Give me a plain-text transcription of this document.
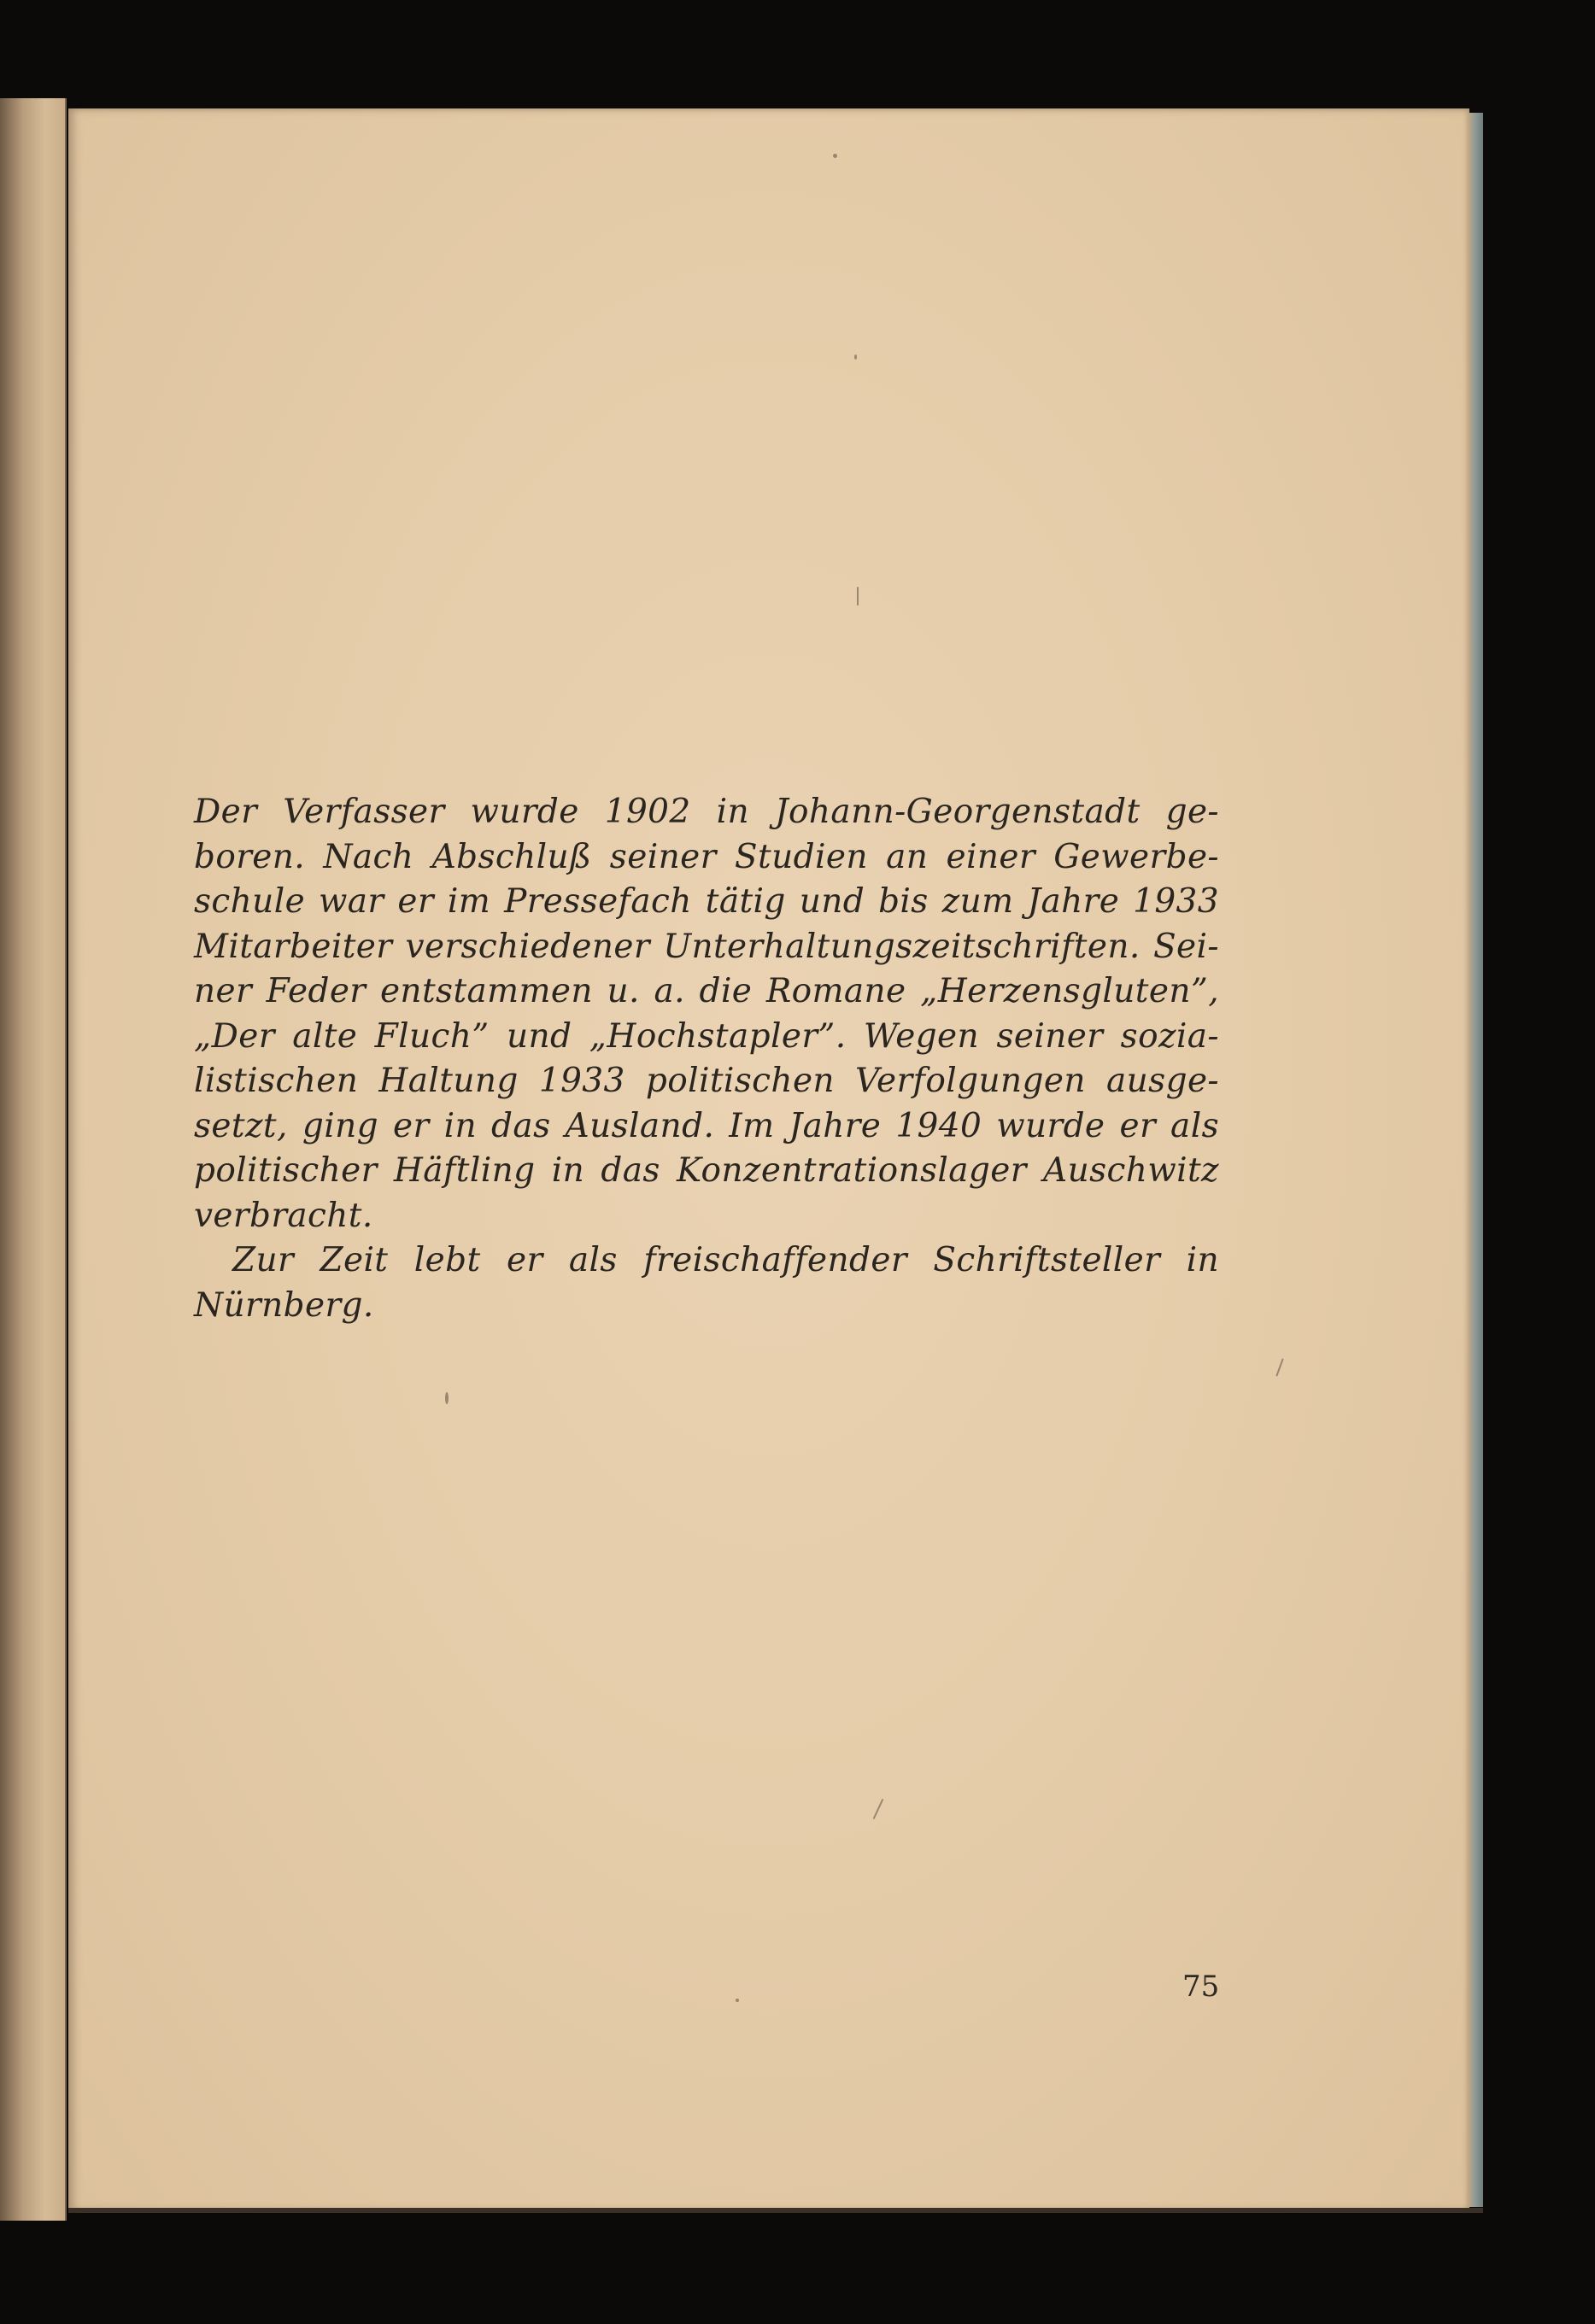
Der Verfasser wurde 1902 in Johann-Georgenstadt ge-
boren. Nach Abschluß seiner Studien an einer Gewerbe-
schule war er im Pressefach tätig und bis zum Jahre 1933
Mitarbeiter verschiedener Unterhaltungszeitschriften. Sei-
ner Feder entstammen u. a. die Romane „Herzensgluten”,
„Der alte Fluch” und „Hochstapler”. Wegen seiner sozia-
listischen Haltung 1933 politischen Verfolgungen ausge-
setzt, ging er in das Ausland. Im Jahre 1940 wurde er als
politischer Häftling in das Konzentrationslager Auschwitz
verbracht.
Zur Zeit lebt er als freischaffender Schriftsteller in
Nürnberg.
75
